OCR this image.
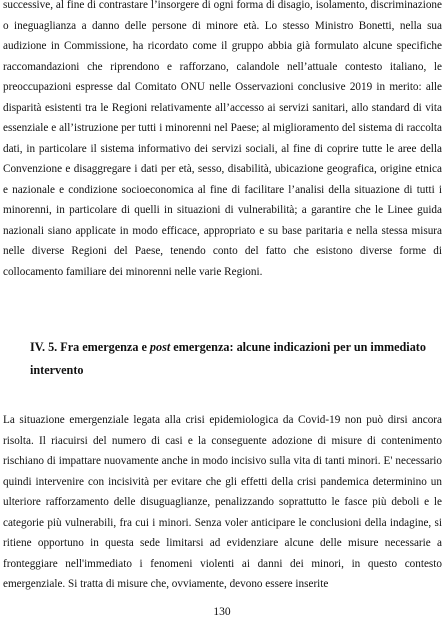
successive, al fine di contrastare l’insorgere di ogni forma di disagio, isolamento, discriminazione o ineguaglianza a danno delle persone di minore età. Lo stesso Ministro Bonetti, nella sua audizione in Commissione, ha ricordato come il gruppo abbia già formulato alcune specifiche raccomandazioni che riprendono e rafforzano, calandole nell’attuale contesto italiano, le preoccupazioni espresse dal Comitato ONU nelle Osservazioni conclusive 2019 in merito: alle disparità esistenti tra le Regioni relativamente all’accesso ai servizi sanitari, allo standard di vita essenziale e all’istruzione per tutti i minorenni nel Paese; al miglioramento del sistema di raccolta dati, in particolare il sistema informativo dei servizi sociali, al fine di coprire tutte le aree della Convenzione e disaggregare i dati per età, sesso, disabilità, ubicazione geografica, origine etnica e nazionale e condizione socioeconomica al fine di facilitare l’analisi della situazione di tutti i minorenni, in particolare di quelli in situazioni di vulnerabilità; a garantire che le Linee guida nazionali siano applicate in modo efficace, appropriato e su base paritaria e nella stessa misura nelle diverse Regioni del Paese, tenendo conto del fatto che esistono diverse forme di collocamento familiare dei minorenni nelle varie Regioni.

IV. 5. Fra emergenza e post emergenza: alcune indicazioni per un immediato intervento

La situazione emergenziale legata alla crisi epidemiologica da Covid-19 non può dirsi ancora risolta. Il riacuirsi del numero di casi e la conseguente adozione di misure di contenimento rischiano di impattare nuovamente anche in modo incisivo sulla vita di tanti minori. E' necessario quindi intervenire con incisività per evitare che gli effetti della crisi pandemica determinino un ulteriore rafforzamento delle disuguaglianze, penalizzando soprattutto le fasce più deboli e le categorie più vulnerabili, fra cui i minori. Senza voler anticipare le conclusioni della indagine, si ritiene opportuno in questa sede limitarsi ad evidenziare alcune delle misure necessarie a fronteggiare nell'immediato i fenomeni violenti ai danni dei minori, in questo contesto emergenziale. Si tratta di misure che, ovviamente, devono essere inserite

130
